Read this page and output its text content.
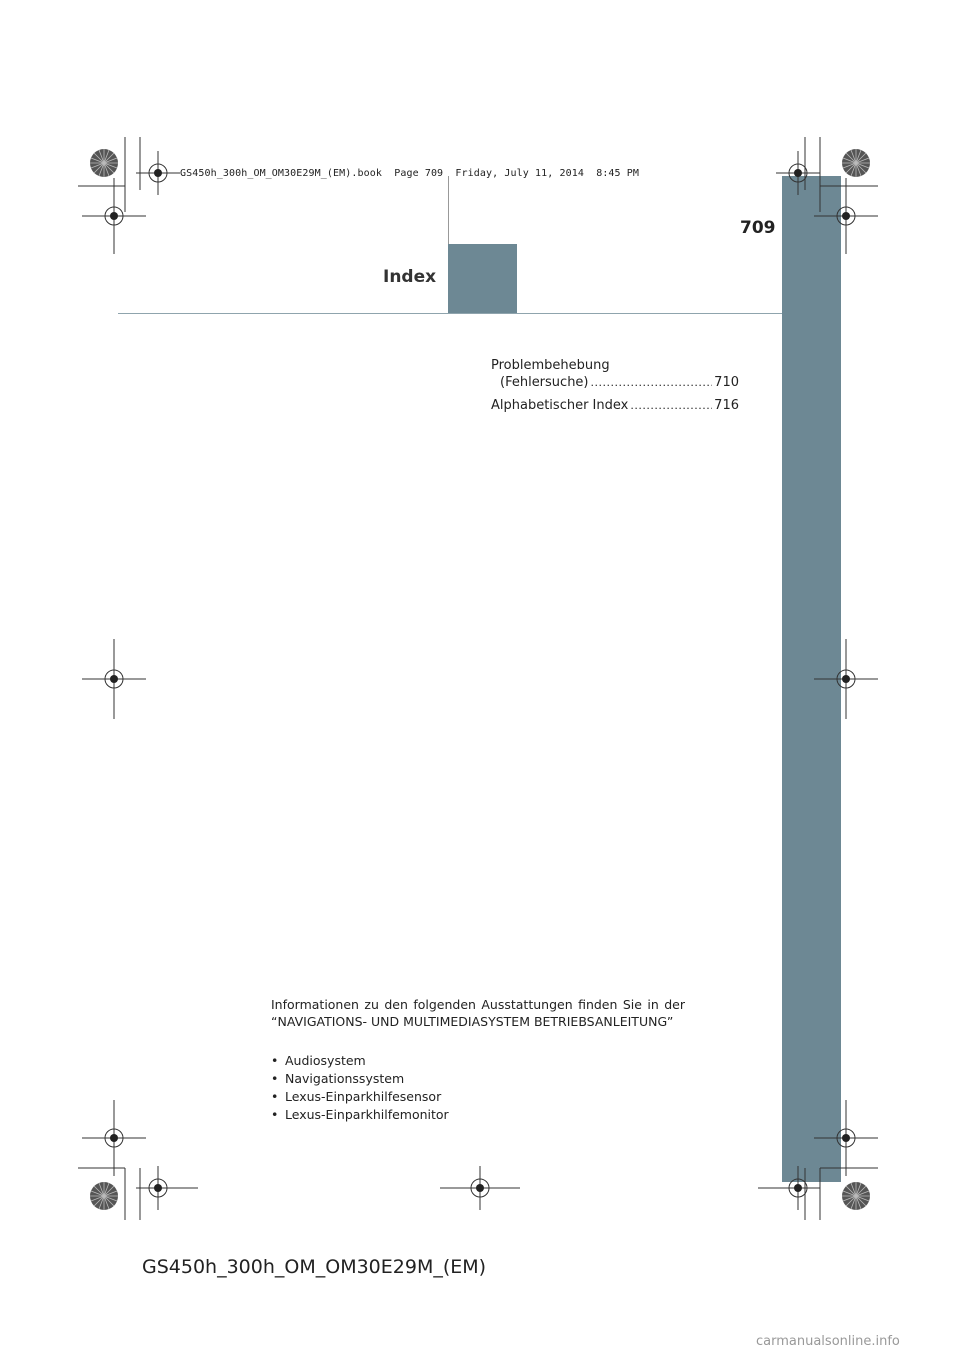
GS450h_300h_OM_OM30E29M_(EM).book  Page 709  Friday, July 11, 2014  8:45 PM
709
Index
Problembehebung
(Fehlersuche) .....	710
Alphabetischer Index .....	716
Informationen zu den folgenden Ausstattungen finden Sie in der “NAVIGATIONS- UND MULTIMEDIASYSTEM BETRIEBSANLEITUNG”
• Audiosystem
• Navigationssystem
• Lexus-Einparkhilfesensor
• Lexus-Einparkhilfemonitor
GS450h_300h_OM_OM30E29M_(EM)
carmanualsonline.info
